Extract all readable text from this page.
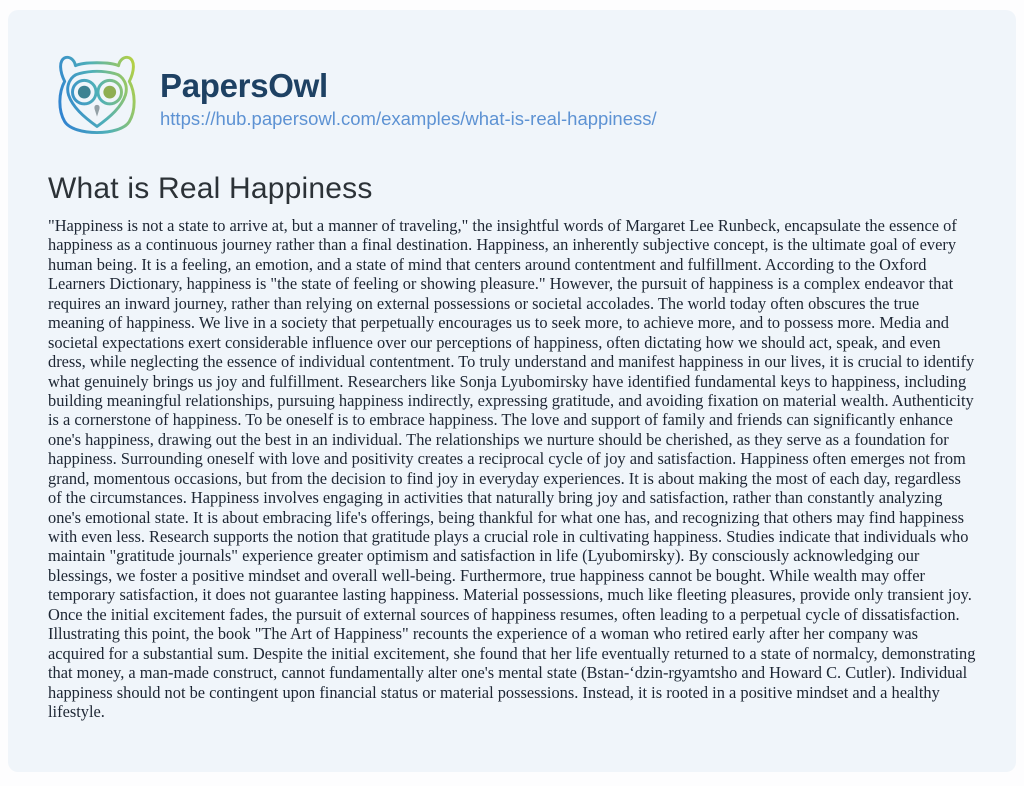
PapersOwl
https://hub.papersowl.com/examples/what-is-real-happiness/
What is Real Happiness

"Happiness is not a state to arrive at, but a manner of traveling," the insightful words of Margaret Lee Runbeck, encapsulate the essence of happiness as a continuous journey rather than a final destination. Happiness, an inherently subjective concept, is the ultimate goal of every human being. It is a feeling, an emotion, and a state of mind that centers around contentment and fulfillment. According to the Oxford Learners Dictionary, happiness is "the state of feeling or showing pleasure." However, the pursuit of happiness is a complex endeavor that requires an inward journey, rather than relying on external possessions or societal accolades. The world today often obscures the true meaning of happiness. We live in a society that perpetually encourages us to seek more, to achieve more, and to possess more. Media and societal expectations exert considerable influence over our perceptions of happiness, often dictating how we should act, speak, and even dress, while neglecting the essence of individual contentment. To truly understand and manifest happiness in our lives, it is crucial to identify what genuinely brings us joy and fulfillment. Researchers like Sonja Lyubomirsky have identified fundamental keys to happiness, including building meaningful relationships, pursuing happiness indirectly, expressing gratitude, and avoiding fixation on material wealth. Authenticity is a cornerstone of happiness. To be oneself is to embrace happiness. The love and support of family and friends can significantly enhance one's happiness, drawing out the best in an individual. The relationships we nurture should be cherished, as they serve as a foundation for happiness. Surrounding oneself with love and positivity creates a reciprocal cycle of joy and satisfaction. Happiness often emerges not from grand, momentous occasions, but from the decision to find joy in everyday experiences. It is about making the most of each day, regardless of the circumstances. Happiness involves engaging in activities that naturally bring joy and satisfaction, rather than constantly analyzing one's emotional state. It is about embracing life's offerings, being thankful for what one has, and recognizing that others may find happiness with even less. Research supports the notion that gratitude plays a crucial role in cultivating happiness. Studies indicate that individuals who maintain "gratitude journals" experience greater optimism and satisfaction in life (Lyubomirsky). By consciously acknowledging our blessings, we foster a positive mindset and overall well-being. Furthermore, true happiness cannot be bought. While wealth may offer temporary satisfaction, it does not guarantee lasting happiness. Material possessions, much like fleeting pleasures, provide only transient joy. Once the initial excitement fades, the pursuit of external sources of happiness resumes, often leading to a perpetual cycle of dissatisfaction. Illustrating this point, the book "The Art of Happiness" recounts the experience of a woman who retired early after her company was acquired for a substantial sum. Despite the initial excitement, she found that her life eventually returned to a state of normalcy, demonstrating that money, a man-made construct, cannot fundamentally alter one's mental state (Bstan-‘dzin-rgyamtsho and Howard C. Cutler). Individual happiness should not be contingent upon financial status or material possessions. Instead, it is rooted in a positive mindset and a healthy lifestyle.
